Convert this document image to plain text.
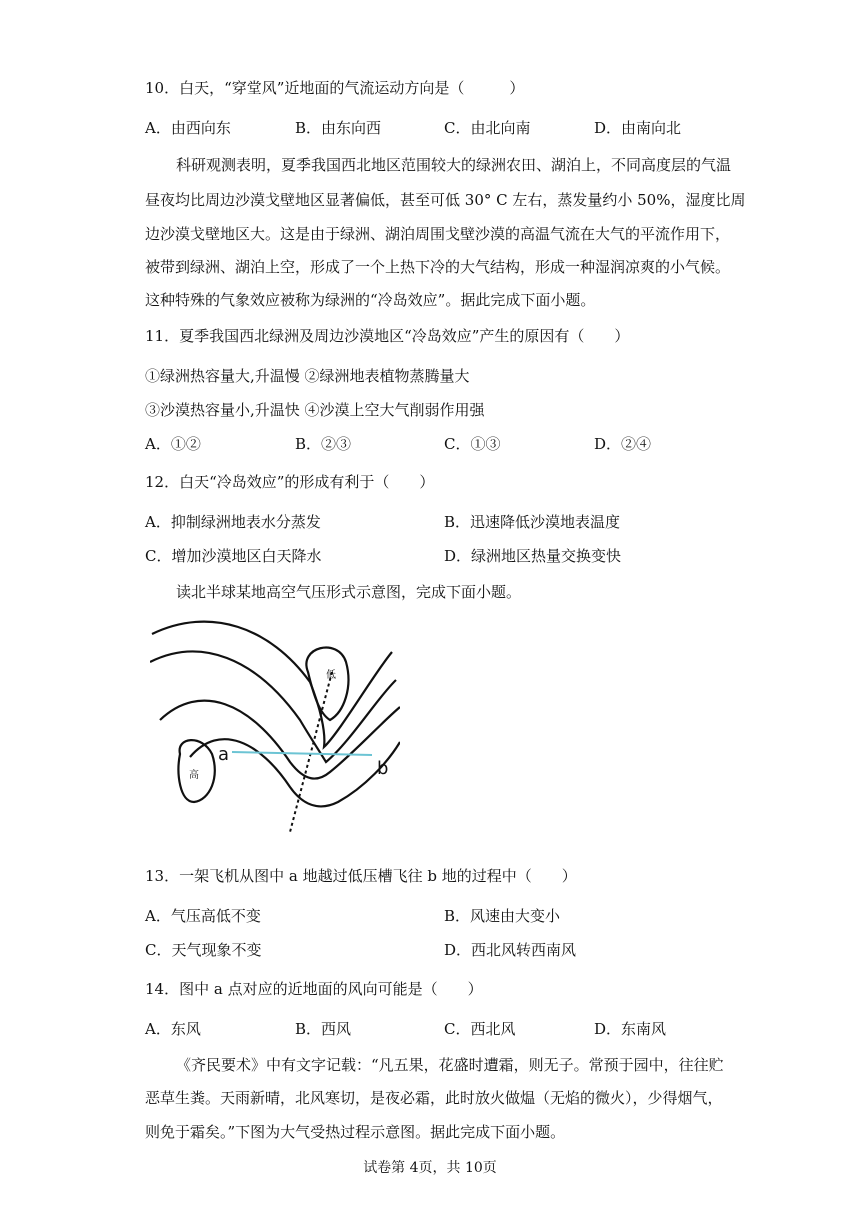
10．白天，“穿堂风”近地面的气流运动方向是（　　　）
A．由西向东	B．由东向西	C．由北向南	D．由南向北
科研观测表明，夏季我国西北地区范围较大的绿洲农田、湖泊上，不同高度层的气温
昼夜均比周边沙漠戈壁地区显著偏低，甚至可低 30° C 左右，蒸发量约小 50%，湿度比周
边沙漠戈壁地区大。这是由于绿洲、湖泊周围戈壁沙漠的高温气流在大气的平流作用下，
被带到绿洲、湖泊上空，形成了一个上热下冷的大气结构，形成一种湿润凉爽的小气候。
这种特殊的气象效应被称为绿洲的“冷岛效应”。据此完成下面小题。
11．夏季我国西北绿洲及周边沙漠地区“冷岛效应”产生的原因有（　　）
①绿洲热容量大,升温慢 ②绿洲地表植物蒸腾量大
③沙漠热容量小,升温快 ④沙漠上空大气削弱作用强
A．①②	B．②③	C．①③	D．②④
12．白天“冷岛效应”的形成有利于（　　）
A．抑制绿洲地表水分蒸发	B．迅速降低沙漠地表温度
C．增加沙漠地区白天降水	D．绿洲地区热量交换变快
读北半球某地高空气压形式示意图，完成下面小题。
低
高
a
b
13．一架飞机从图中 a 地越过低压槽飞往 b 地的过程中（　　）
A．气压高低不变	B．风速由大变小
C．天气现象不变	D．西北风转西南风
14．图中 a 点对应的近地面的风向可能是（　　）
A．东风	B．西风	C．西北风	D．东南风
《齐民要术》中有文字记载：“凡五果，花盛时遭霜，则无子。常预于园中，往往贮
恶草生粪。天雨新晴，北风寒切，是夜必霜，此时放火做煴（无焰的微火），少得烟气，
则免于霜矣。”下图为大气受热过程示意图。据此完成下面小题。
试卷第 4页，共 10页
